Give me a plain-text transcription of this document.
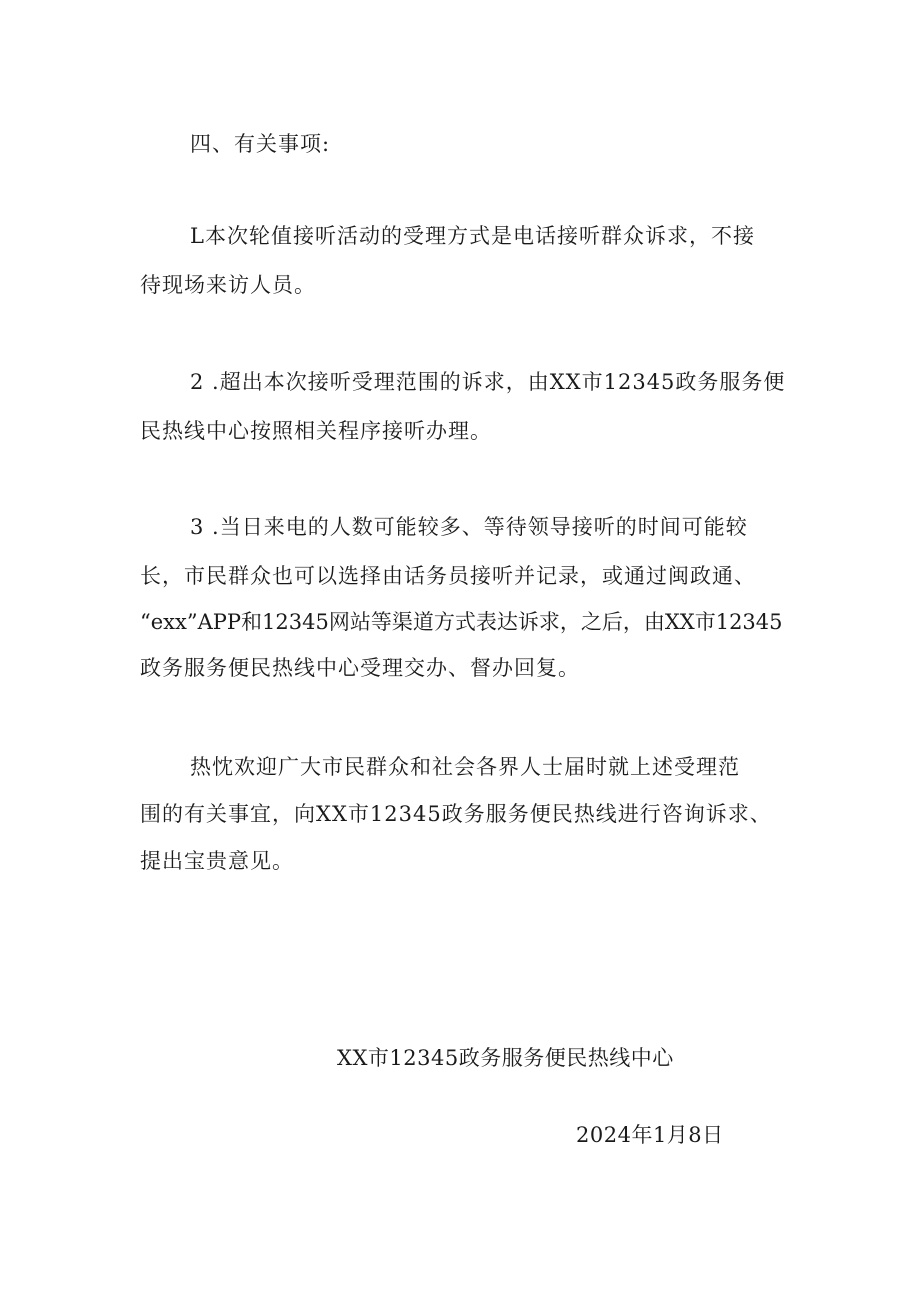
四、有关事项:

L本次轮值接听活动的受理方式是电话接听群众诉求，不接

待现场来访人员。

2 .超出本次接听受理范围的诉求，由XX市12345政务服务便

民热线中心按照相关程序接听办理。

3 .当日来电的人数可能较多、等待领导接听的时间可能较

长，市民群众也可以选择由话务员接听并记录，或通过闽政通、

“exx”APP和12345网站等渠道方式表达诉求，之后，由XX市12345

政务服务便民热线中心受理交办、督办回复。

热忱欢迎广大市民群众和社会各界人士届时就上述受理范

围的有关事宜，向XX市12345政务服务便民热线进行咨询诉求、

提出宝贵意见。

XX市12345政务服务便民热线中心

2024年1月8日
